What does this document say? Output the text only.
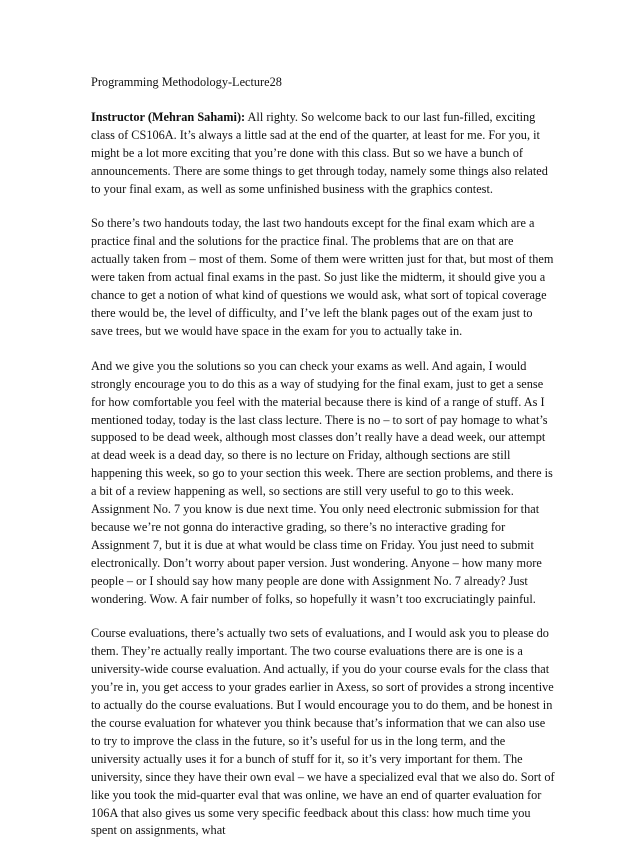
Programming Methodology-Lecture28

Instructor (Mehran Sahami): All righty. So welcome back to our last fun-filled, exciting class of CS106A. It’s always a little sad at the end of the quarter, at least for me. For you, it might be a lot more exciting that you’re done with this class. But so we have a bunch of announcements. There are some things to get through today, namely some things also related to your final exam, as well as some unfinished business with the graphics contest.

So there’s two handouts today, the last two handouts except for the final exam which are a practice final and the solutions for the practice final. The problems that are on that are actually taken from – most of them. Some of them were written just for that, but most of them were taken from actual final exams in the past. So just like the midterm, it should give you a chance to get a notion of what kind of questions we would ask, what sort of topical coverage there would be, the level of difficulty, and I’ve left the blank pages out of the exam just to save trees, but we would have space in the exam for you to actually take in.

And we give you the solutions so you can check your exams as well. And again, I would strongly encourage you to do this as a way of studying for the final exam, just to get a sense for how comfortable you feel with the material because there is kind of a range of stuff. As I mentioned today, today is the last class lecture. There is no – to sort of pay homage to what’s supposed to be dead week, although most classes don’t really have a dead week, our attempt at dead week is a dead day, so there is no lecture on Friday, although sections are still happening this week, so go to your section this week. There are section problems, and there is a bit of a review happening as well, so sections are still very useful to go to this week. Assignment No. 7 you know is due next time. You only need electronic submission for that because we’re not gonna do interactive grading, so there’s no interactive grading for Assignment 7, but it is due at what would be class time on Friday. You just need to submit electronically. Don’t worry about paper version. Just wondering. Anyone – how many more people – or I should say how many people are done with Assignment No. 7 already? Just wondering. Wow. A fair number of folks, so hopefully it wasn’t too excruciatingly painful.

Course evaluations, there’s actually two sets of evaluations, and I would ask you to please do them. They’re actually really important. The two course evaluations there are is one is a university-wide course evaluation. And actually, if you do your course evals for the class that you’re in, you get access to your grades earlier in Axess, so sort of provides a strong incentive to actually do the course evaluations. But I would encourage you to do them, and be honest in the course evaluation for whatever you think because that’s information that we can also use to try to improve the class in the future, so it’s useful for us in the long term, and the university actually uses it for a bunch of stuff for it, so it’s very important for them. The university, since they have their own eval – we have a specialized eval that we also do. Sort of like you took the mid-quarter eval that was online, we have an end of quarter evaluation for 106A that also gives us some very specific feedback about this class: how much time you spent on assignments, what
